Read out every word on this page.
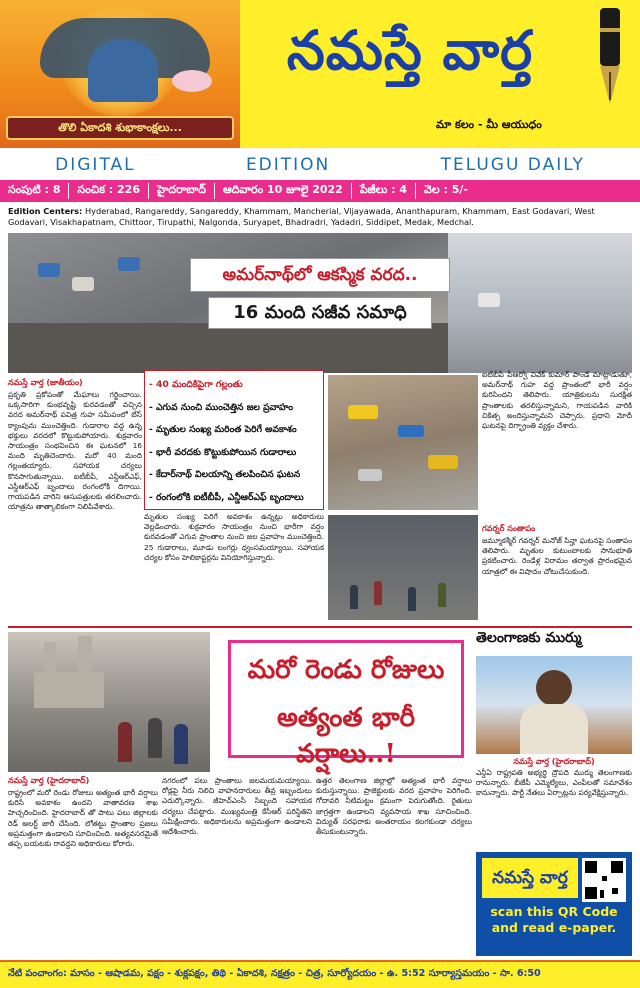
తొలి ఏకాదశి శుభాకాంక్షలు...
నమస్తే వార్త
మా కలం - మీ ఆయుధం
DIGITAL	EDITION	TELUGU DAILY
సంపుటి : 8	సంచిక : 226	హైదరాబాద్	ఆదివారం 10 జూలై 2022	పేజీలు : 4	వెల : 5/-
Edition Centers: Hyderabad, Rangareddy, Sangareddy, Khammam, Mancherial, Vijayawada, Ananthapuram, Khammam, East Godavari, West Godavari, Visakhapatnam, Chittoor, Tirupathi, Nalgonda, Suryapet, Bhadradri, Yadadri, Siddipet, Medak, Medchal.
అమర్‌నాథ్‌లో ఆకస్మిక వరద..
16 మంది సజీవ సమాధి
నమస్తే వార్త (జాతీయం)
ప్రకృతి ప్రకోపంతో మేఘాలు గర్జించాయి. ఒక్కసారిగా కుంభవృష్టి కురవడంతో వచ్చిన వరద అమర్‌నాథ్ పవిత్ర గుహ సమీపంలో బేస్ క్యాంపును ముంచెత్తింది. గుడారాల వద్ద ఉన్న భక్తులు వరదలో కొట్టుకుపోయారు. శుక్రవారం సాయంత్రం సంభవించిన ఈ ఘటనలో 16 మంది మృతిచెందారు. మరో 40 మంది గల్లంతయ్యారు. సహాయక చర్యలు కొనసాగుతున్నాయి. ఐటీబీపీ, ఎన్డీఆర్ఎఫ్, ఎస్డీఆర్ఎఫ్ బృందాలు రంగంలోకి దిగాయి. గాయపడిన వారిని ఆసుపత్రులకు తరలించారు. యాత్రను తాత్కాలికంగా నిలిపివేశారు.
- 40 మందికిపైగా గల్లంతు
- ఎగువ నుంచి ముంచెత్తిన జల ప్రవాహం
- మృతుల సంఖ్య మరింత పెరిగే అవకాశం
- భారీ వరదకు కొట్టుకుపోయిన గుడారాలు
- కేదార్‌నాథ్ విలయాన్ని తలపించిన ఘటన
- రంగంలోకి ఐటీబీపీ, ఎన్డీఆర్ఎఫ్ బృందాలు
మృతుల సంఖ్య పెరిగే అవకాశం ఉన్నట్లు అధికారులు వెల్లడించారు. శుక్రవారం సాయంత్రం నుంచి భారీగా వర్షం కురవడంతో ఎగువ ప్రాంతాల నుంచి జల ప్రవాహం ముంచెత్తింది. 25 గుడారాలు, మూడు లంగర్లు ధ్వంసమయ్యాయి. సహాయక చర్యల కోసం హెలికాప్టర్లను వినియోగిస్తున్నారు.
ఐటీబీపీ పీఆర్వో వివేక్ కుమార్ పాండే మాట్లాడుతూ, అమర్‌నాథ్ గుహ వద్ద ప్రాంతంలో భారీ వర్షం కురిసిందని తెలిపారు. యాత్రికులను సురక్షిత ప్రాంతాలకు తరలిస్తున్నామని, గాయపడిన వారికి చికిత్స అందిస్తున్నామని చెప్పారు. ప్రధాని మోదీ ఘటనపై దిగ్భ్రాంతి వ్యక్తం చేశారు.
గవర్నర్ సంతాపం
జమ్మూకశ్మీర్ గవర్నర్ మనోజ్ సిన్హా ఘటనపై సంతాపం తెలిపారు. మృతుల కుటుంబాలకు సానుభూతి ప్రకటించారు. రెండేళ్ల విరామం తర్వాత ప్రారంభమైన యాత్రలో ఈ విషాదం చోటుచేసుకుంది.
మరో రెండు రోజులు
అత్యంత భారీ వర్షాలు..!
తెలంగాణకు ముర్ము
నమస్తే వార్త (హైదరాబాద్)
ఎన్డీఏ రాష్ట్రపతి అభ్యర్థి ద్రౌపది ముర్ము తెలంగాణకు రానున్నారు. బీజేపీ ఎమ్మెల్యేలు, ఎంపీలతో సమావేశం కానున్నారు. పార్టీ నేతలు ఏర్పాట్లను పర్యవేక్షిస్తున్నారు.
నమస్తే వార్త (హైదరాబాద్)
రాష్ట్రంలో మరో రెండు రోజులు అత్యంత భారీ వర్షాలు కురిసే అవకాశం ఉందని వాతావరణ శాఖ హెచ్చరించింది. హైదరాబాద్ తో పాటు పలు జిల్లాలకు రెడ్ అలర్ట్ జారీ చేసింది. లోతట్టు ప్రాంతాల ప్రజలు అప్రమత్తంగా ఉండాలని సూచించింది. అత్యవసరమైతే తప్ప బయటకు రావద్దని అధికారులు కోరారు.
నగరంలో పలు ప్రాంతాలు జలమయమయ్యాయి. రోడ్లపై నీరు నిలిచి వాహనదారులు తీవ్ర ఇబ్బందులు ఎదుర్కొన్నారు. జీహెచ్ఎంసీ సిబ్బంది సహాయక చర్యలు చేపట్టారు. ముఖ్యమంత్రి కేసీఆర్ పరిస్థితిని సమీక్షించారు. అధికారులను అప్రమత్తంగా ఉండాలని ఆదేశించారు.
ఉత్తర తెలంగాణ జిల్లాల్లో అత్యంత భారీ వర్షాలు కురుస్తున్నాయి. ప్రాజెక్టులకు వరద ప్రవాహం పెరిగింది. గోదావరి నీటిమట్టం క్రమంగా పెరుగుతోంది. రైతులు జాగ్రత్తగా ఉండాలని వ్యవసాయ శాఖ సూచించింది. విద్యుత్ సరఫరాకు అంతరాయం కలగకుండా చర్యలు తీసుకుంటున్నారు.
నమస్తే వార్త
scan this QR Code and read e-paper.
నేటి పంచాంగం: మాసం - ఆషాడమ, పక్షం - శుక్లపక్షం, తిథి - ఏకాదశి, నక్షత్రం - చిత్ర, సూర్యోదయం - ఉ. 5:52 సూర్యాస్తమయం - సా. 6:50
